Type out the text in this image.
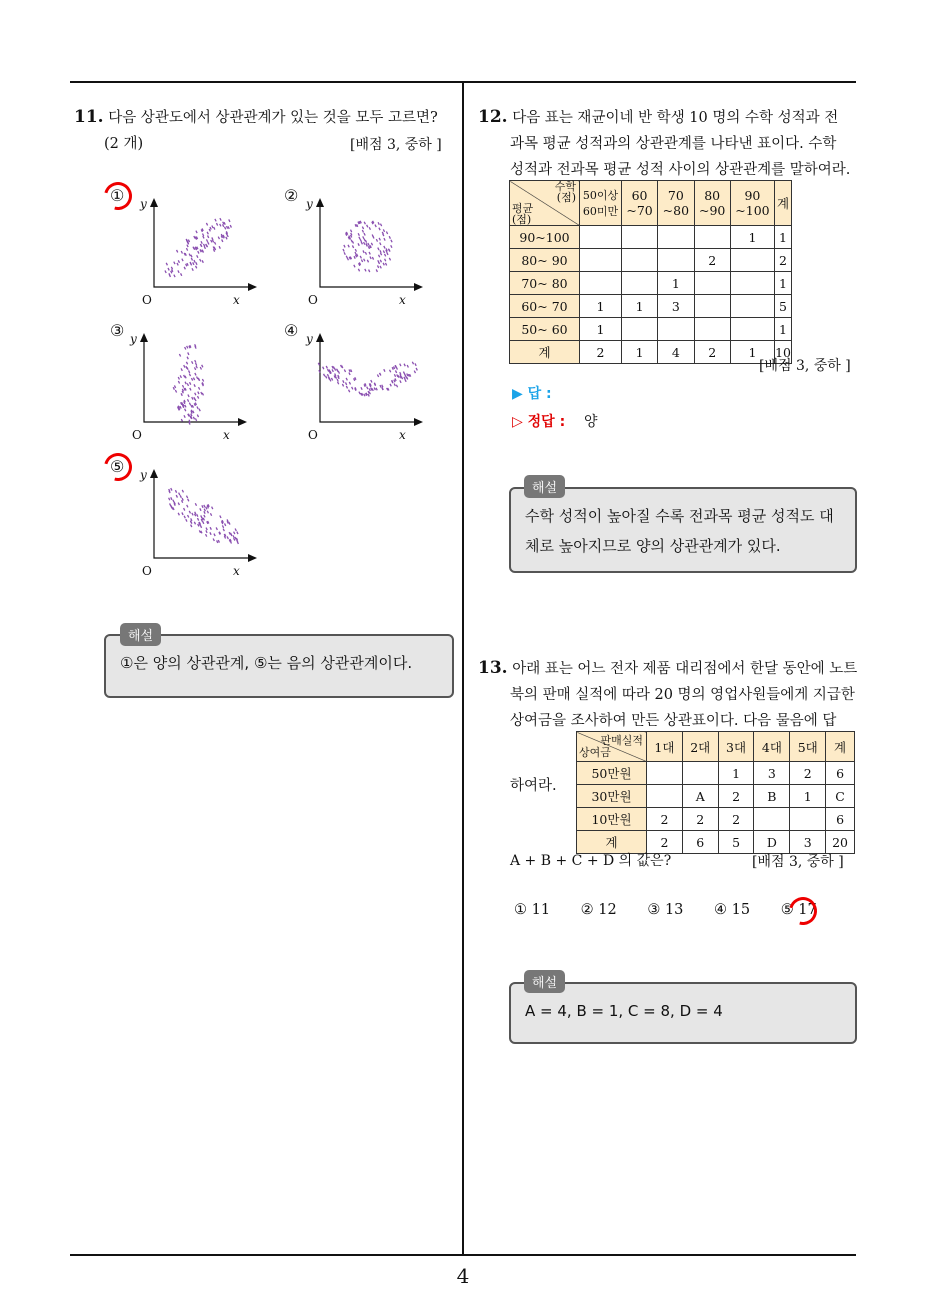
4
11. 다음 상관도에서 상관관계가 있는 것을 모두 고르면?
(2 개)	[배점 3, 중하 ]
①	②
③	④
⑤
y
O	x
y
O	x
y
O	x
y
O	x
y
O	x
①은 양의 상관관계, ⑤는 음의 상관관계이다.
해설
12. 다음 표는 재균이네 반 학생 10 명의 수학 성적과 전
과목 평균 성적과의 상관관계를 나타낸 표이다. 수학
성적과 전과목 평균 성적 사이의 상관관계를 말하여라.
수학
(점)
평균
(점)	50이상 60미만	60 ~70	70 ~80	80 ~90	90 ~100	계
90~100					1	1
80~ 90				2		2
70~ 80			1			1
60~ 70	1	1	3			5
50~ 60	1					1
계	2	1	4	2	1	10
[배점 3, 중하 ]
▶ 답 :
▷ 정답 : 양
수학 성적이 높아질 수록 전과목 평균 성적도 대
체로 높아지므로 양의 상관관계가 있다.
해설
13. 아래 표는 어느 전자 제품 대리점에서 한달 동안에 노트
북의 판매 실적에 따라 20 명의 영업사원들에게 지급한
상여금을 조사하여 만든 상관표이다. 다음 물음에 답
하여라.
판매실적
상여금	1대	2대	3대	4대	5대	계
50만원			1	3	2	6
30만원		A	2	B	1	C
10만원	2	2	2			6
계	2	6	5	D	3	20
A + B + C + D 의 값은?	[배점 3, 중하 ]
① 11 ② 12 ③ 13 ④ 15 ⑤ 17
A = 4, B = 1, C = 8, D = 4
해설
